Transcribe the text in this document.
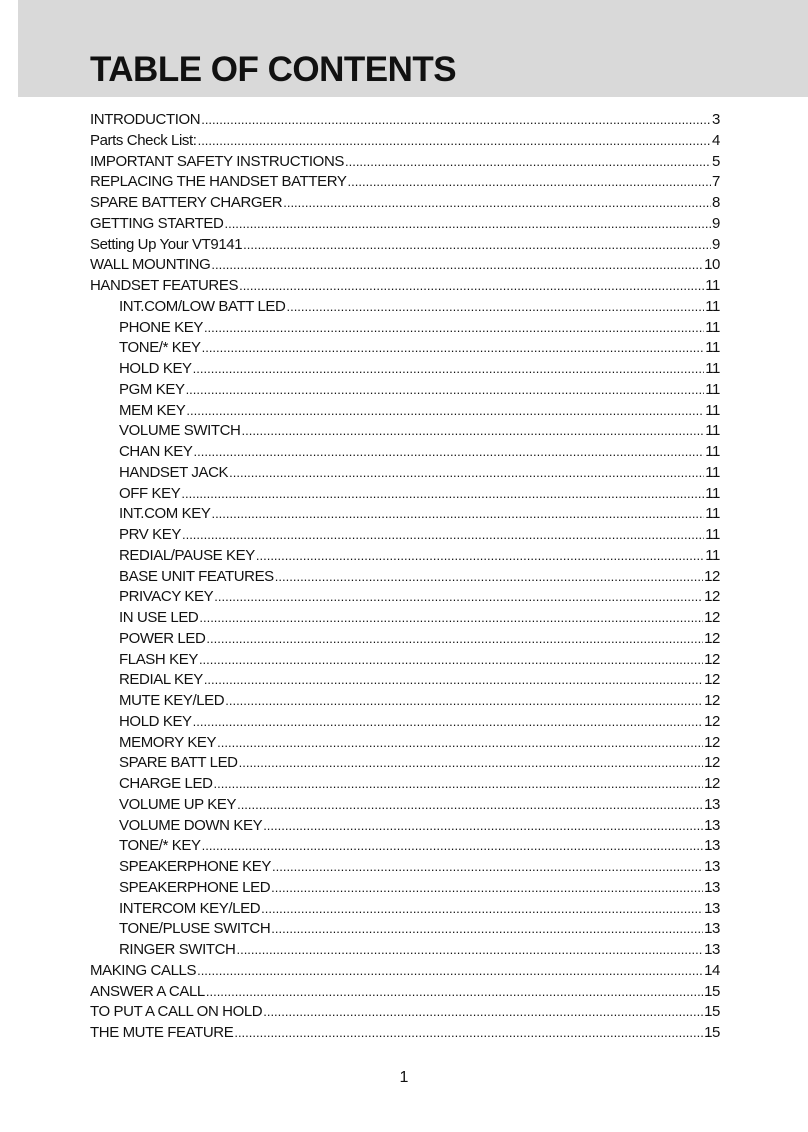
TABLE OF CONTENTS
INTRODUCTION .....	3
Parts Check List: .....	4
IMPORTANT SAFETY INSTRUCTIONS .....	5
REPLACING THE HANDSET BATTERY .....	7
SPARE BATTERY CHARGER .....	8
GETTING STARTED .....	9
Setting Up Your VT9141 .....	9
WALL MOUNTING .....	10
HANDSET FEATURES .....	11
INT.COM/LOW BATT LED .....	11
PHONE KEY .....	11
TONE/* KEY .....	11
HOLD KEY .....	11
PGM KEY .....	11
MEM KEY .....	11
VOLUME SWITCH .....	11
CHAN KEY .....	11
HANDSET JACK .....	11
OFF KEY .....	11
INT.COM KEY .....	11
PRV KEY .....	11
REDIAL/PAUSE KEY .....	11
BASE UNIT FEATURES .....	12
PRIVACY KEY .....	12
IN USE LED .....	12
POWER LED .....	12
FLASH KEY .....	12
REDIAL KEY .....	12
MUTE KEY/LED .....	12
HOLD KEY .....	12
MEMORY KEY .....	12
SPARE BATT LED .....	12
CHARGE LED .....	12
VOLUME UP KEY .....	13
VOLUME DOWN KEY .....	13
TONE/* KEY .....	13
SPEAKERPHONE KEY .....	13
SPEAKERPHONE LED .....	13
INTERCOM KEY/LED .....	13
TONE/PLUSE SWITCH .....	13
RINGER SWITCH .....	13
MAKING CALLS .....	14
ANSWER A CALL .....	15
TO PUT A CALL ON HOLD .....	15
THE MUTE FEATURE .....	15
1
